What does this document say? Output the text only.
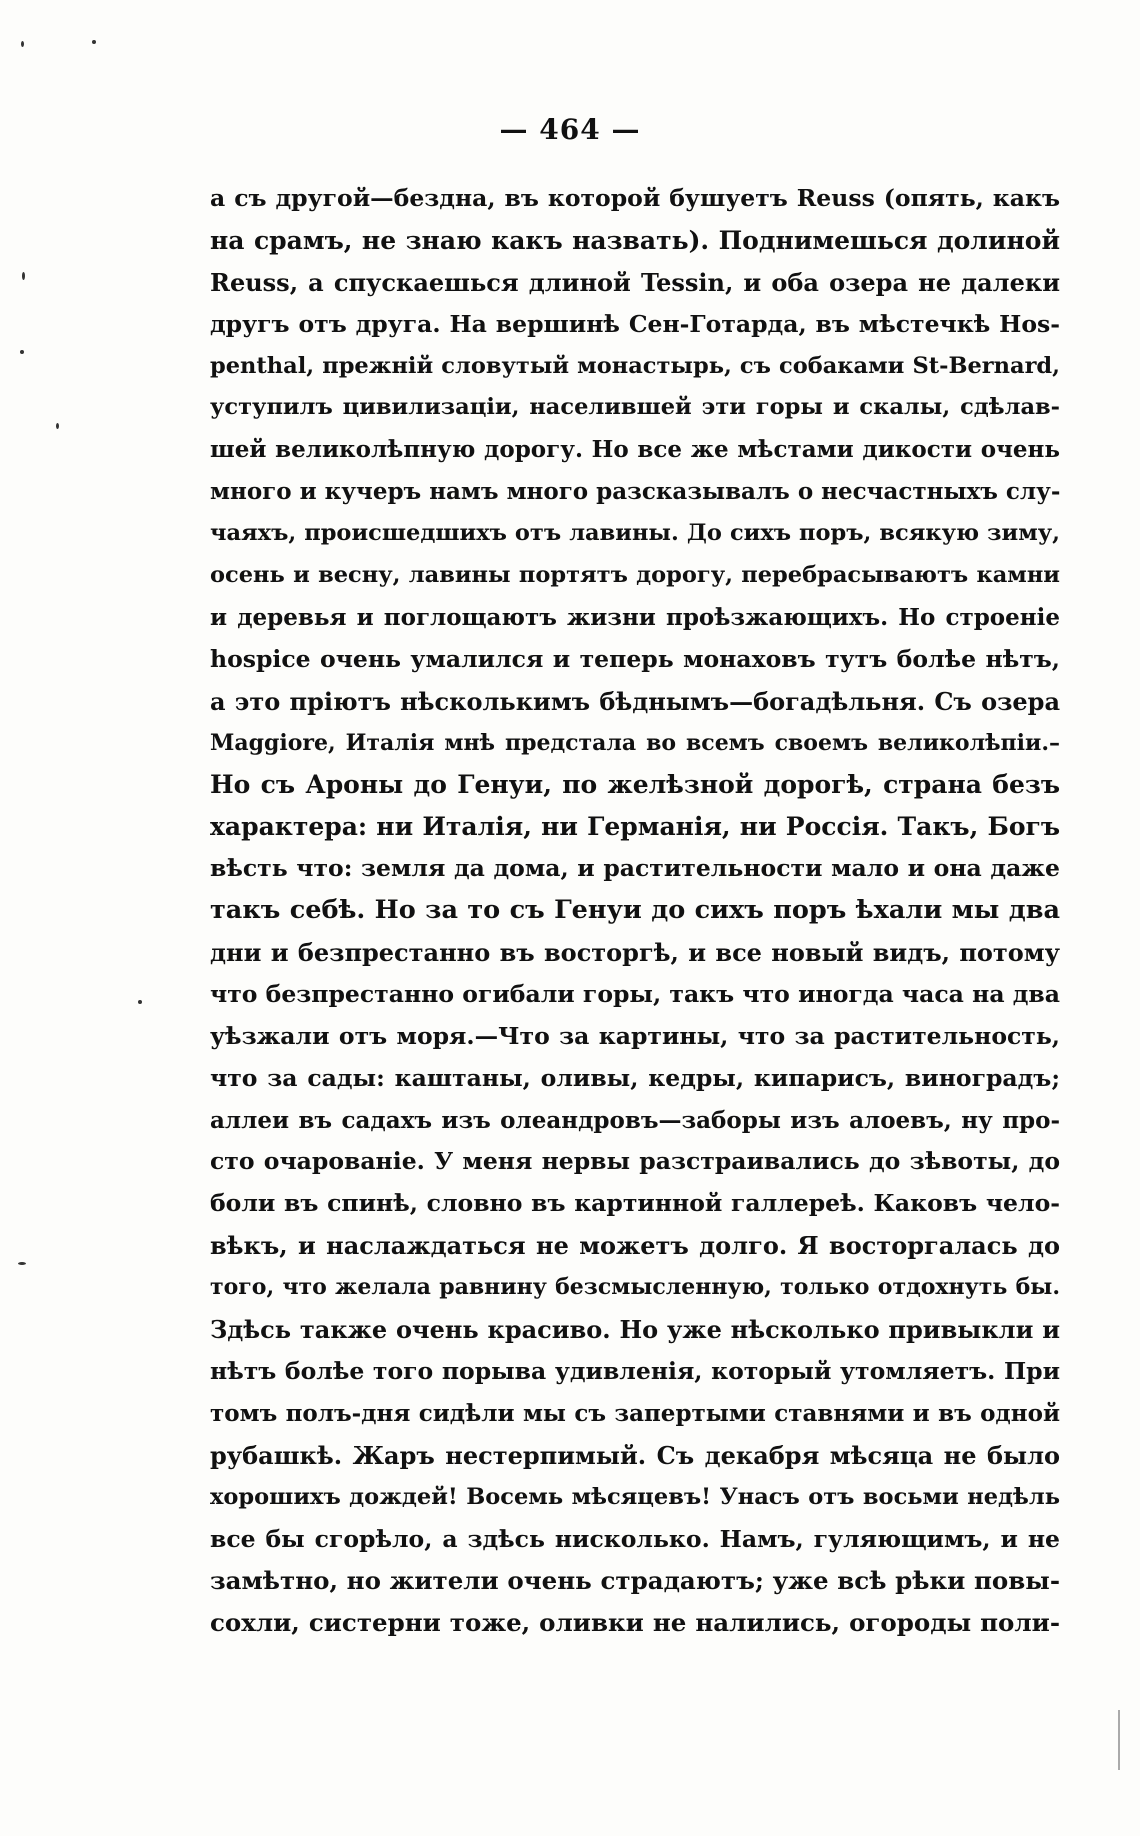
— 464 —
а съ другой—бездна, въ которой бушуетъ Reuss (опять, какъ
на срамъ, не знаю какъ назвать). Поднимешься долиной
Reuss, а спускаешься длиной Tessin, и оба озера не далеки
другъ отъ друга. На вершинѣ Сен-Готарда, въ мѣстечкѣ Hos-
penthal, прежній словутый монастырь, съ собаками St-Bernard,
уступилъ цивилизаціи, населившей эти горы и скалы, сдѣлав-
шей великолѣпную дорогу. Но все же мѣстами дикости очень
много и кучеръ намъ много разсказывалъ о несчастныхъ слу-
чаяхъ, происшедшихъ отъ лавины. До сихъ поръ, всякую зиму,
осень и весну, лавины портятъ дорогу, перебрасываютъ камни
и деревья и поглощаютъ жизни проѣзжающихъ. Но строеніе
hospice очень умалился и теперь монаховъ тутъ болѣе нѣтъ,
а это пріютъ нѣсколькимъ бѣднымъ—богадѣльня. Съ озера
Maggiore, Италія мнѣ предстала во всемъ своемъ великолѣпіи.–
Но съ Ароны до Генуи, по желѣзной дорогѣ, страна безъ
характера: ни Италія, ни Германія, ни Россія. Такъ, Богъ
вѣсть что: земля да дома, и растительности мало и она даже
такъ себѣ. Но за то съ Генуи до сихъ поръ ѣхали мы два
дни и безпрестанно въ восторгѣ, и все новый видъ, потому
что безпрестанно огибали горы, такъ что иногда часа на два
уѣзжали отъ моря.—Что за картины, что за растительность,
что за сады: каштаны, оливы, кедры, кипарисъ, виноградъ;
аллеи въ садахъ изъ олеандровъ—заборы изъ алоевъ, ну про-
сто очарованіе. У меня нервы разстраивались до зѣвоты, до
боли въ спинѣ, словно въ картинной галлереѣ. Каковъ чело-
вѣкъ, и наслаждаться не можетъ долго. Я восторгалась до
того, что желала равнину безсмысленную, только отдохнуть бы.
Здѣсь также очень красиво. Но уже нѣсколько привыкли и
нѣтъ болѣе того порыва удивленія, который утомляетъ. При
томъ полъ-дня сидѣли мы съ запертыми ставнями и въ одной
рубашкѣ. Жаръ нестерпимый. Съ декабря мѣсяца не было
хорошихъ дождей! Восемь мѣсяцевъ! Унасъ отъ восьми недѣль
все бы сгорѣло, а здѣсь нисколько. Намъ, гуляющимъ, и не
замѣтно, но жители очень страдаютъ; уже всѣ рѣки повы-
сохли, систерни тоже, оливки не налились, огороды поли-
